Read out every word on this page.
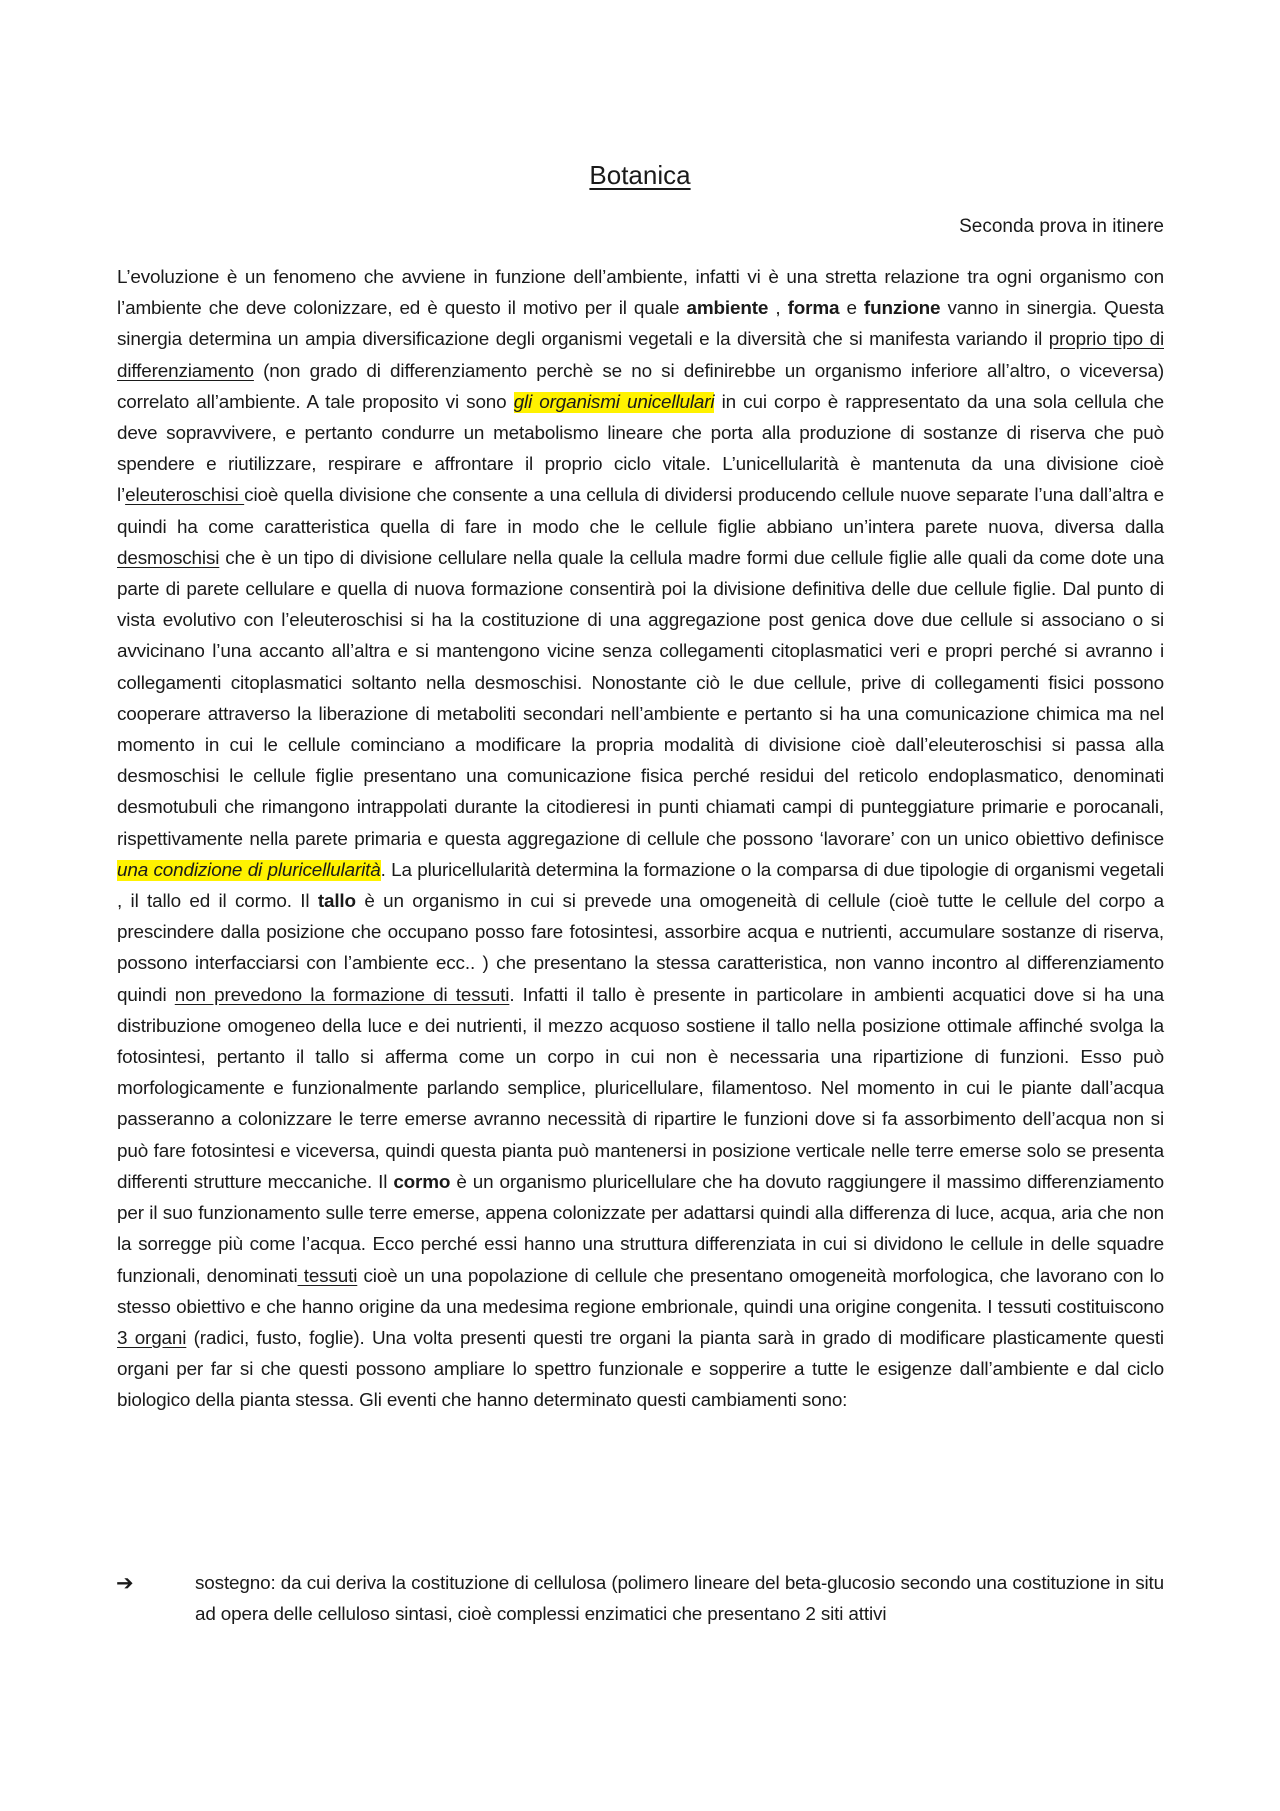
Botanica
Seconda prova in itinere
L’evoluzione è un fenomeno che avviene in funzione dell’ambiente, infatti vi è una stretta relazione tra ogni organismo con l’ambiente che deve colonizzare, ed è questo il motivo per il quale ambiente , forma e funzione vanno in sinergia. Questa sinergia determina un ampia diversificazione degli organismi vegetali e la diversità che si manifesta variando il proprio tipo di differenziamento (non grado di differenziamento perchè se no si definirebbe un organismo inferiore all’altro, o viceversa) correlato all’ambiente. A tale proposito vi sono gli organismi unicellulari in cui corpo è rappresentato da una sola cellula che deve sopravvivere, e pertanto condurre un metabolismo lineare che porta alla produzione di sostanze di riserva che può spendere e riutilizzare, respirare e affrontare il proprio ciclo vitale. L’unicellularità è mantenuta da una divisione cioè l’eleuteroschisi cioè quella divisione che consente a una cellula di dividersi producendo cellule nuove separate l’una dall’altra e quindi ha come caratteristica quella di fare in modo che le cellule figlie abbiano un’intera parete nuova, diversa dalla desmoschisi che è un tipo di divisione cellulare nella quale la cellula madre formi due cellule figlie alle quali da come dote una parte di parete cellulare e quella di nuova formazione consentirà poi la divisione definitiva delle due cellule figlie. Dal punto di vista evolutivo con l’eleuteroschisi si ha la costituzione di una aggregazione post genica dove due cellule si associano o si avvicinano l’una accanto all’altra e si mantengono vicine senza collegamenti citoplasmatici veri e propri perché si avranno i collegamenti citoplasmatici soltanto nella desmoschisi. Nonostante ciò le due cellule, prive di collegamenti fisici possono cooperare attraverso la liberazione di metaboliti secondari nell’ambiente e pertanto si ha una comunicazione chimica ma nel momento in cui le cellule cominciano a modificare la propria modalità di divisione cioè dall’eleuteroschisi si passa alla desmoschisi le cellule figlie presentano una comunicazione fisica perché residui del reticolo endoplasmatico, denominati desmotubuli che rimangono intrappolati durante la citodieresi in punti chiamati campi di punteggiature primarie e porocanali, rispettivamente nella parete primaria e questa aggregazione di cellule che possono ‘lavorare’ con un unico obiettivo definisce una condizione di pluricellularità. La pluricellularità determina la formazione o la comparsa di due tipologie di organismi vegetali , il tallo ed il cormo. Il tallo è un organismo in cui si prevede una omogeneità di cellule (cioè tutte le cellule del corpo a prescindere dalla posizione che occupano posso fare fotosintesi, assorbire acqua e nutrienti, accumulare sostanze di riserva, possono interfacciarsi con l’ambiente ecc.. ) che presentano la stessa caratteristica, non vanno incontro al differenziamento quindi non prevedono la formazione di tessuti. Infatti il tallo è presente in particolare in ambienti acquatici dove si ha una distribuzione omogeneo della luce e dei nutrienti, il mezzo acquoso sostiene il tallo nella posizione ottimale affinché svolga la fotosintesi, pertanto il tallo si afferma come un corpo in cui non è necessaria una ripartizione di funzioni. Esso può morfologicamente e funzionalmente parlando semplice, pluricellulare, filamentoso. Nel momento in cui le piante dall’acqua passeranno a colonizzare le terre emerse avranno necessità di ripartire le funzioni dove si fa assorbimento dell’acqua non si può fare fotosintesi e viceversa, quindi questa pianta può mantenersi in posizione verticale nelle terre emerse solo se presenta differenti strutture meccaniche. Il cormo è un organismo pluricellulare che ha dovuto raggiungere il massimo differenziamento per il suo funzionamento sulle terre emerse, appena colonizzate per adattarsi quindi alla differenza di luce, acqua, aria che non la sorregge più come l’acqua. Ecco perché essi hanno una struttura differenziata in cui si dividono le cellule in delle squadre funzionali, denominati tessuti cioè un una popolazione di cellule che presentano omogeneità morfologica, che lavorano con lo stesso obiettivo e che hanno origine da una medesima regione embrionale, quindi una origine congenita. I tessuti costituiscono 3 organi (radici, fusto, foglie). Una volta presenti questi tre organi la pianta sarà in grado di modificare plasticamente questi organi per far si che questi possono ampliare lo spettro funzionale e sopperire a tutte le esigenze dall’ambiente e dal ciclo biologico della pianta stessa. Gli eventi che hanno determinato questi cambiamenti sono:
➔	sostegno: da cui deriva la costituzione di cellulosa (polimero lineare del beta-glucosio secondo una costituzione in situ ad opera delle celluloso sintasi, cioè complessi enzimatici che presentano 2 siti attivi
